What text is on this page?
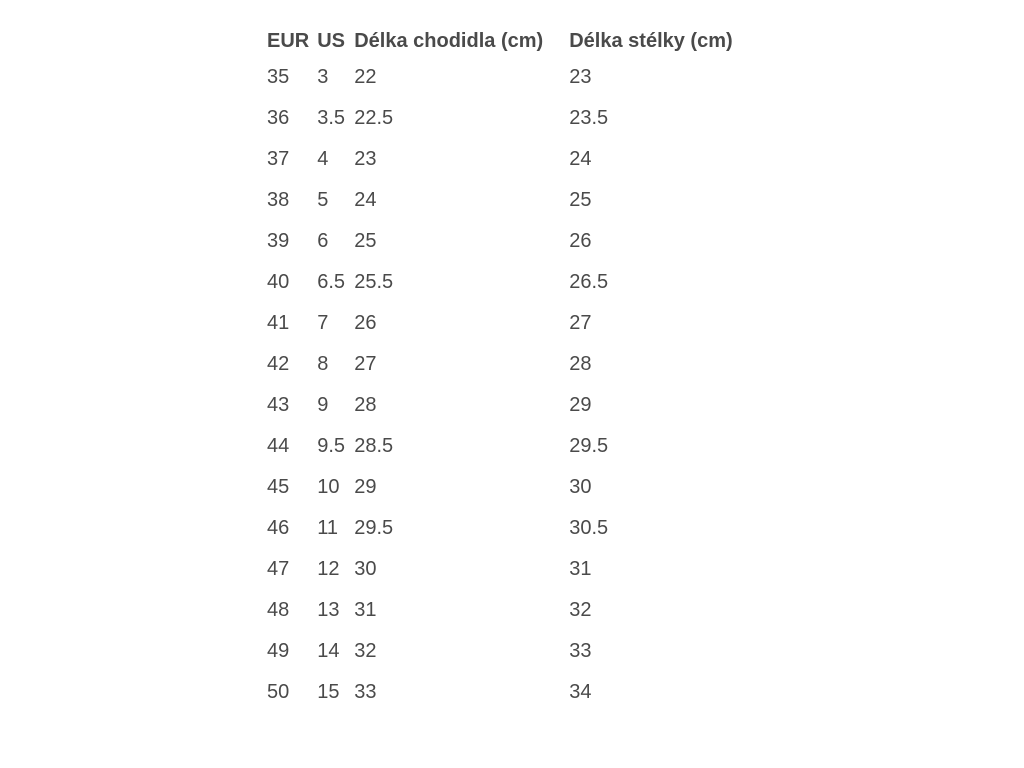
EUR	US	Délka chodidla (cm)	Délka stélky (cm)
35	3	22	23
36	3.5	22.5	23.5
37	4	23	24
38	5	24	25
39	6	25	26
40	6.5	25.5	26.5
41	7	26	27
42	8	27	28
43	9	28	29
44	9.5	28.5	29.5
45	10	29	30
46	11	29.5	30.5
47	12	30	31
48	13	31	32
49	14	32	33
50	15	33	34
